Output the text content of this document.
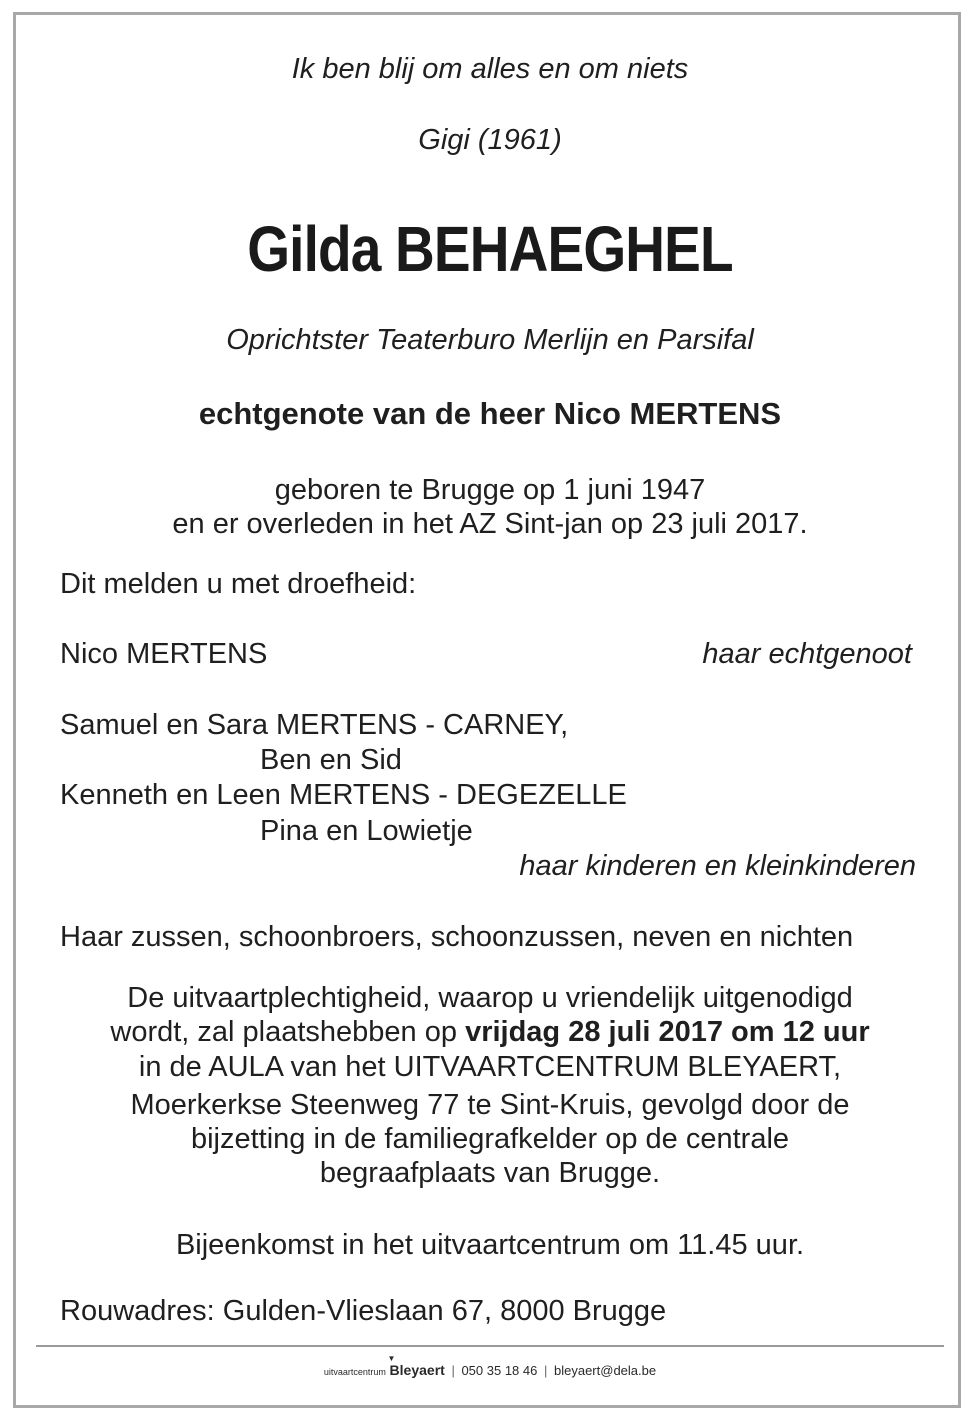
Ik ben blij om alles en om niets

Gigi (1961)

Gilda BEHAEGHEL

Oprichtster Teaterburo Merlijn en Parsifal

echtgenote van de heer Nico MERTENS

geboren te Brugge op 1 juni 1947

en er overleden in het AZ Sint-jan op 23 juli 2017.

Dit melden u met droefheid:

Nico MERTENS	haar echtgenoot

Samuel en Sara MERTENS - CARNEY,

Ben en Sid

Kenneth en Leen MERTENS - DEGEZELLE

Pina en Lowietje

haar kinderen en kleinkinderen

Haar zussen, schoonbroers, schoonzussen, neven en nichten

De uitvaartplechtigheid, waarop u vriendelijk uitgenodigd

wordt, zal plaatshebben op vrijdag 28 juli 2017 om 12 uur

in de AULA van het UITVAARTCENTRUM BLEYAERT,

Moerkerkse Steenweg 77 te Sint-Kruis, gevolgd door de

bijzetting in de familiegrafkelder op de centrale

begraafplaats van Brugge.

Bijeenkomst in het uitvaartcentrum om 11.45 uur.

Rouwadres: Gulden-Vlieslaan 67, 8000 Brugge

uitvaartcentrum
▼
Bleyaert | 050 35 18 46 | bleyaert@dela.be
